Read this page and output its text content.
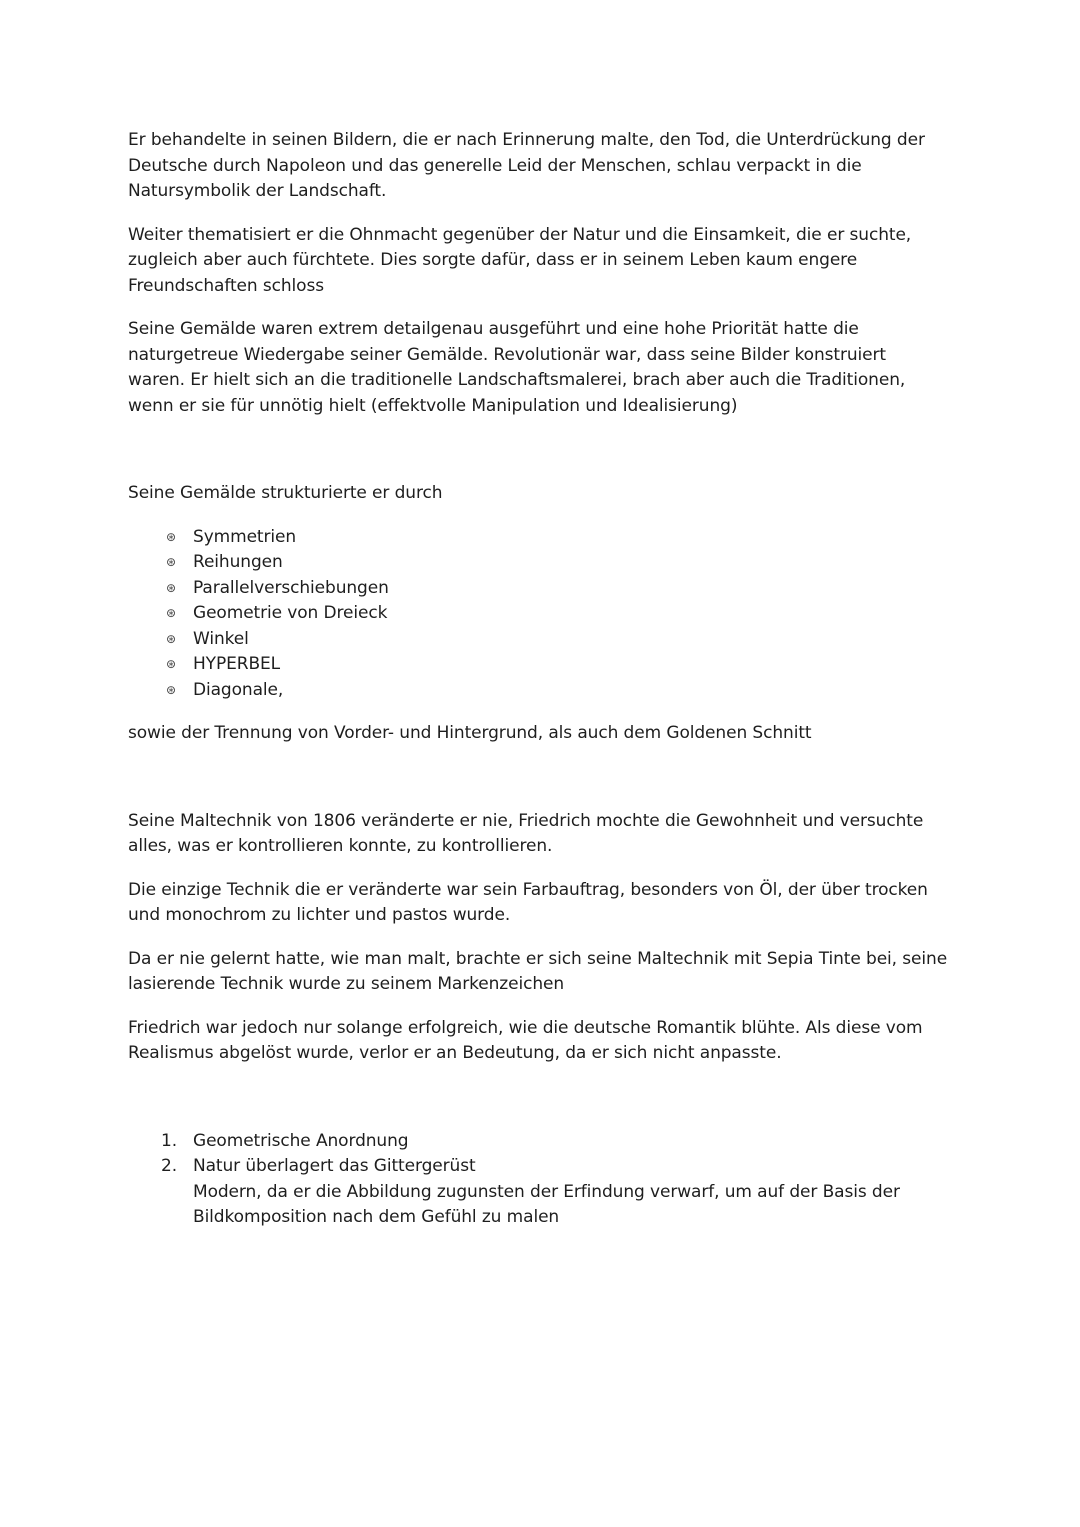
Er behandelte in seinen Bildern, die er nach Erinnerung malte, den Tod, die Unterdrückung der Deutsche durch Napoleon und das generelle Leid der Menschen, schlau verpackt in die Natursymbolik der Landschaft.

Weiter thematisiert er die Ohnmacht gegenüber der Natur und die Einsamkeit, die er suchte, zugleich aber auch fürchtete. Dies sorgte dafür, dass er in seinem Leben kaum engere Freundschaften schloss

Seine Gemälde waren extrem detailgenau ausgeführt und eine hohe Priorität hatte die naturgetreue Wiedergabe seiner Gemälde. Revolutionär war, dass seine Bilder konstruiert waren. Er hielt sich an die traditionelle Landschaftsmalerei, brach aber auch die Traditionen, wenn er sie für unnötig hielt (effektvolle Manipulation und Idealisierung)

Seine Gemälde strukturierte er durch

⊛ Symmetrien
⊛ Reihungen
⊛ Parallelverschiebungen
⊛ Geometrie von Dreieck
⊛ Winkel
⊛ HYPERBEL
⊛ Diagonale,

sowie der Trennung von Vorder- und Hintergrund, als auch dem Goldenen Schnitt

Seine Maltechnik von 1806 veränderte er nie, Friedrich mochte die Gewohnheit und versuchte alles, was er kontrollieren konnte, zu kontrollieren.

Die einzige Technik die er veränderte war sein Farbauftrag, besonders von Öl, der über trocken und monochrom zu lichter und pastos wurde.

Da er nie gelernt hatte, wie man malt, brachte er sich seine Maltechnik mit Sepia Tinte bei, seine lasierende Technik wurde zu seinem Markenzeichen

Friedrich war jedoch nur solange erfolgreich, wie die deutsche Romantik blühte. Als diese vom Realismus abgelöst wurde, verlor er an Bedeutung, da er sich nicht anpasste.

1. Geometrische Anordnung
2. Natur überlagert das Gittergerüst
Modern, da er die Abbildung zugunsten der Erfindung verwarf, um auf der Basis der Bildkomposition nach dem Gefühl zu malen
